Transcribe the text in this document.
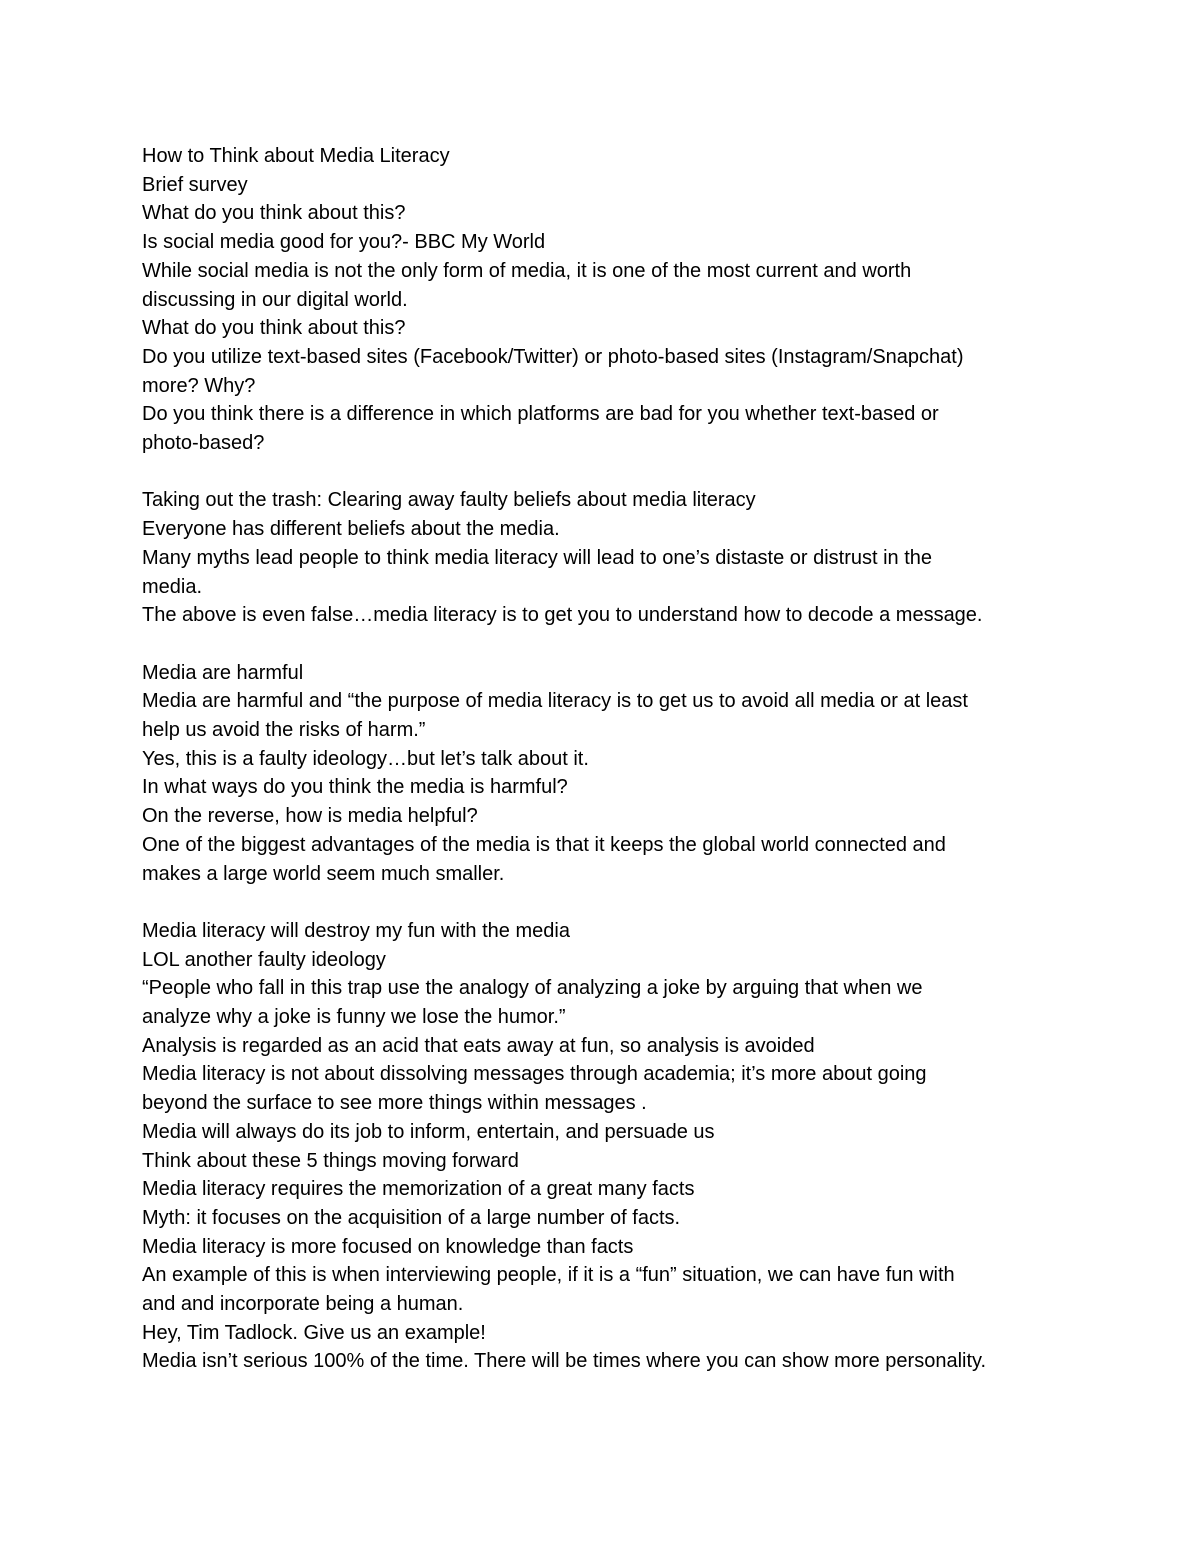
How to Think about Media Literacy
Brief survey
What do you think about this?
Is social media good for you?- BBC My World
While social media is not the only form of media, it is one of the most current and worth
discussing in our digital world.
What do you think about this?
Do you utilize text-based sites (Facebook/Twitter) or photo-based sites (Instagram/Snapchat)
more? Why?
Do you think there is a difference in which platforms are bad for you whether text-based or
photo-based?
Taking out the trash: Clearing away faulty beliefs about media literacy
Everyone has different beliefs about the media.
Many myths lead people to think media literacy will lead to one’s distaste or distrust in the
media.
The above is even false…media literacy is to get you to understand how to decode a message.
Media are harmful
Media are harmful and “the purpose of media literacy is to get us to avoid all media or at least
help us avoid the risks of harm.”
Yes, this is a faulty ideology…but let’s talk about it.
In what ways do you think the media is harmful?
On the reverse, how is media helpful?
One of the biggest advantages of the media is that it keeps the global world connected and
makes a large world seem much smaller.
Media literacy will destroy my fun with the media
LOL another faulty ideology
“People who fall in this trap use the analogy of analyzing a joke by arguing that when we
analyze why a joke is funny we lose the humor.”
Analysis is regarded as an acid that eats away at fun, so analysis is avoided
Media literacy is not about dissolving messages through academia; it’s more about going
beyond the surface to see more things within messages .
Media will always do its job to inform, entertain, and persuade us
Think about these 5 things moving forward
Media literacy requires the memorization of a great many facts
Myth: it focuses on the acquisition of a large number of facts.
Media literacy is more focused on knowledge than facts
An example of this is when interviewing people, if it is a “fun” situation, we can have fun with
and and incorporate being a human.
Hey, Tim Tadlock. Give us an example!
Media isn’t serious 100% of the time. There will be times where you can show more personality.
